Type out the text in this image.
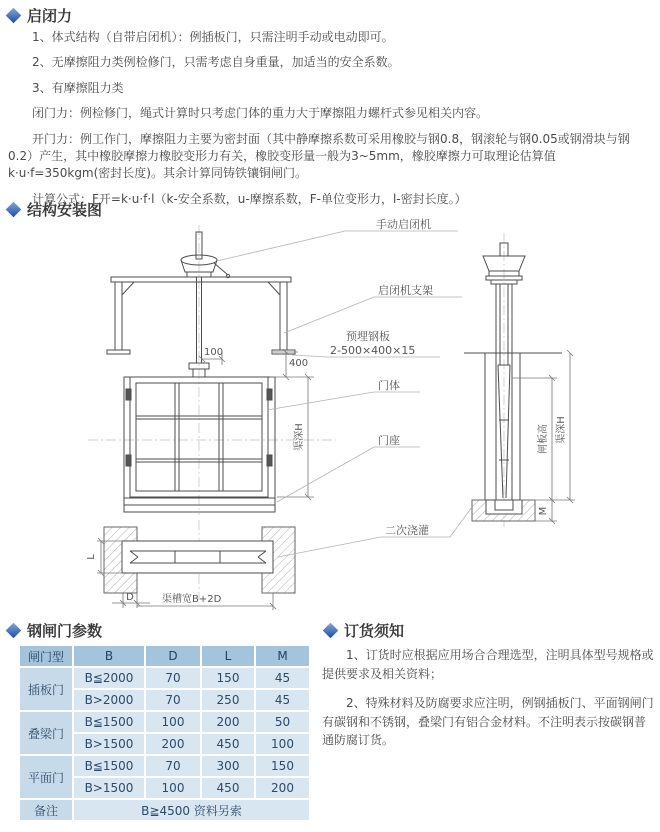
启闭力

1、体式结构（自带启闭机）：例插板门，只需注明手动或电动即可。

2、无摩擦阻力类例检修门，只需考虑自身重量，加适当的安全系数。

3、有摩擦阻力类

闭门力：例检修门，绳式计算时只考虑门体的重力大于摩擦阻力螺杆式参见相关内容。

开门力：例工作门，摩擦阻力主要为密封面（其中静摩擦系数可采用橡胶与钢0.8，钢滚轮与钢0.05或钢滑块与钢0.2）产生，其中橡胶摩擦力橡胶变形力有关，橡胶变形量一般为3~5mm，橡胶摩擦力可取理论估算值k·u·f=350kgm(密封长度)。其余计算同铸铁镶铜闸门。

计算公式：F开=k·u·f·l（k-安全系数，u-摩擦系数，F-单位变形力，l-密封长度。）

结构安装图
手动启闭机
启闭机支架
预埋钢板
2-500×400×15
门体
门座
二次浇灌
100
400
渠深H
L
D	渠槽宽B+2D
闸板高 渠深H
M
钢闸门参数
闸门型	B	D	L	M
插板门	B≦2000	70	150	45
	B>2000	70	250	45
叠梁门	B≦1500	100	200	50
	B>1500	200	450	100
平面门	B≦1500	70	300	150
	B>1500	100	450	200
备注	B≧4500 资料另索			
订货须知

1、订货时应根据应用场合合理选型，注明具体型号规格或提供要求及相关资料；

2、特殊材料及防腐要求应注明，例钢插板门、平面钢闸门有碳钢和不锈钢，叠梁门有铝合金材料。不注明表示按碳钢普通防腐订货。
